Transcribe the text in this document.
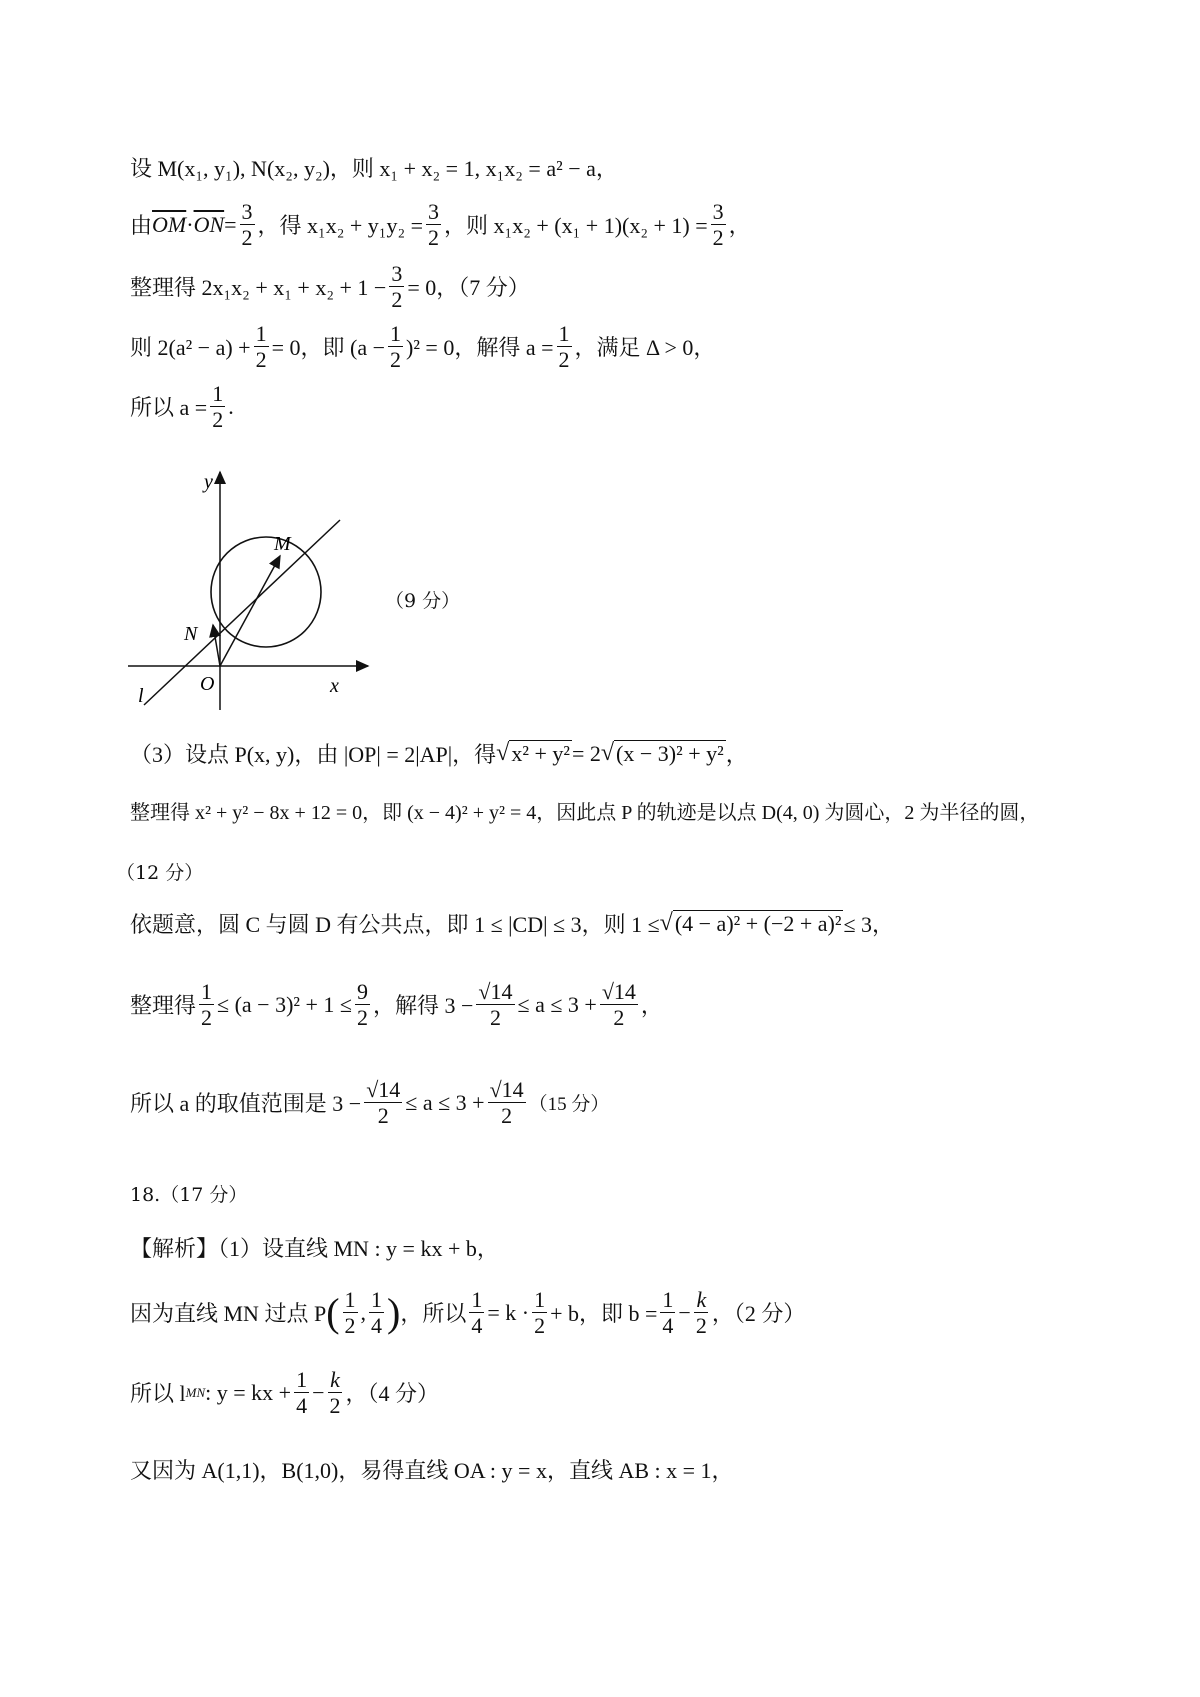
设 M(x₁, y₁), N(x₂, y₂)，则 x₁ + x₂ = 1, x₁x₂ = a² − a，
由 $\overline{OM} \cdot \overline{ON} = \frac{3}{2}$ ，得 $x_1x_2 + y_1y_2 = \frac{3}{2}$ ，则 $x_1x_2 + (x_1 + 1)(x_2 + 1) = \frac{3}{2}$ ，
整理得 $2x_1x_2 + x_1 + x_2 + 1 - \frac{3}{2} = 0$，（7 分）
则 $2(a^2 - a) + \frac{1}{2} = 0$，即 $(a - \frac{1}{2} )^2 = 0$，解得 $a = \frac{1}{2}$ ，满足 Δ > 0，
所以 $a = \frac{1}{2}$ .
y
x
M
N
O
l
（9 分）
（3）设点 P(x, y)，由 |OP| = 2|AP|，得 √ x² + y² = 2 √ (x − 3)² + y² ，
整理得 x² + y² − 8x + 12 = 0，即 (x − 4)² + y² = 4，因此点 P 的轨迹是以点 D(4, 0) 为圆心，2 为半径的圆，
（12 分）
依题意，圆 C 与圆 D 有公共点，即 1 ≤ |CD| ≤ 3，则 1 ≤ √ (4 − a)² + (−2 + a)² ≤ 3，
整理得 $\frac{1}{2} \le (a - 3)^2 + 1 \le \frac{9}{2}$ ，解得 $3 - \frac{√14}{2} \le a \le 3 + \frac{√14}{2}$ ，
所以 a 的取值范围是 $3 - \frac{√14}{2} \le a \le 3 + \frac{√14}{2} (15$ 分）
18.（17 分）
【解析】（1）设直线 MN : y = kx + b，
因为直线 MN 过点 P ( $\frac{1}{2}$ , $\frac{1}{4}$ ) ，所以 $\frac{1}{4} = k \cdot \frac{1}{2} + b$，即 $b = \frac{1}{4} - \frac{k}{2}$ ，（2 分）
所以 l MN : y = kx + $\frac{1}{4} - \frac{k}{2}$ ，（4 分）
又因为 A(1,1)，B(1,0)，易得直线 OA : y = x，直线 AB : x = 1，
